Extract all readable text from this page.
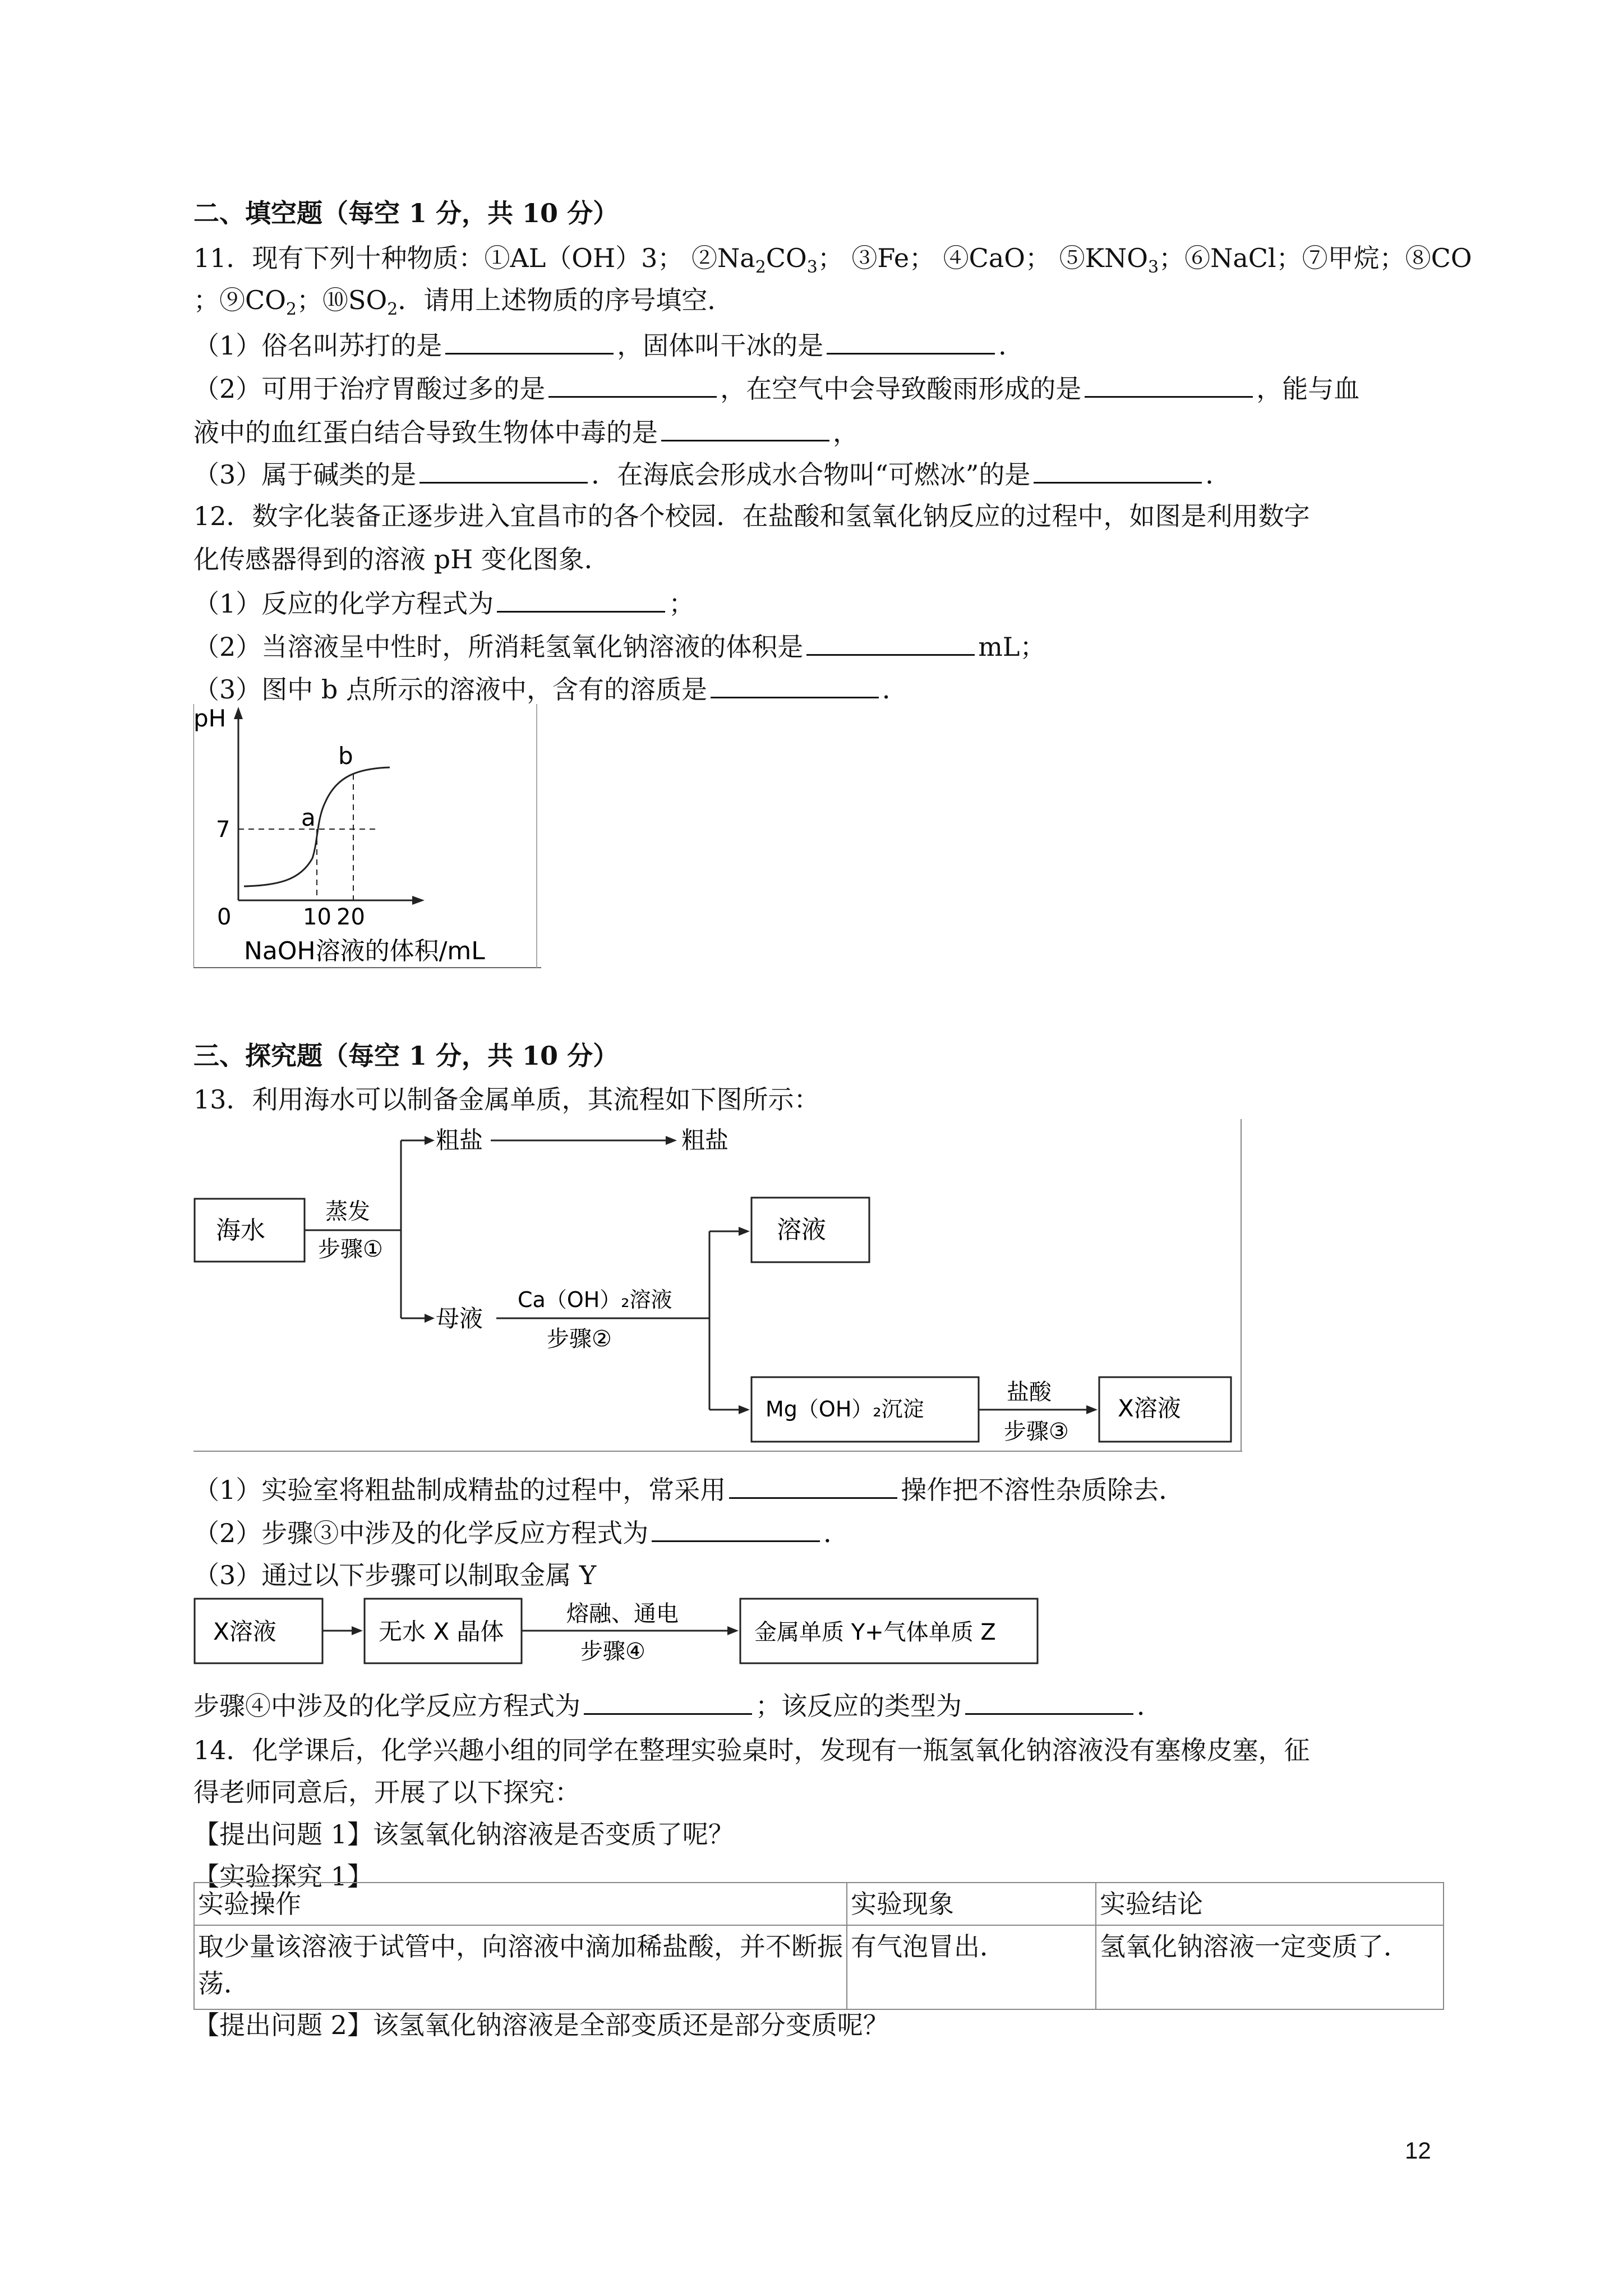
二、填空题（每空 1 分，共 10 分）
11．现有下列十种物质：①AL（OH）3； $②Na_2CO_3$； ③Fe； ④CaO； $⑤KNO_3$；⑥NaCl；⑦甲烷；⑧CO
；$⑨CO_2$；$⑩SO_2$．请用上述物质的序号填空．
（1）俗名叫苏打的是	，固体叫干冰的是	．
（2）可用于治疗胃酸过多的是	，在空气中会导致酸雨形成的是	，能与血
液中的血红蛋白结合导致生物体中毒的是	，
（3）属于碱类的是	．在海底会形成水合物叫“可燃冰”的是	．
12．数字化装备正逐步进入宜昌市的各个校园．在盐酸和氢氧化钠反应的过程中，如图是利用数字
化传感器得到的溶液 pH 变化图象．
（1）反应的化学方程式为	；
（2）当溶液呈中性时，所消耗氢氧化钠溶液的体积是	mL；
（3）图中 b 点所示的溶液中，含有的溶质是	．
pH
7
0	10 20
a
b
NaOH溶液的体积/mL
三、探究题（每空 1 分，共 10 分）
13．利用海水可以制备金属单质，其流程如下图所示：
海水
蒸发
步骤①
粗盐	粗盐
母液
Ca（OH）₂溶液
步骤②
溶液
Mg（OH）₂沉淀
盐酸
步骤③
X溶液
（1）实验室将粗盐制成精盐的过程中，常采用	操作把不溶性杂质除去．
（2）步骤③中涉及的化学反应方程式为	．
（3）通过以下步骤可以制取金属 Y
X溶液	无水 X 晶体
熔融、通电
步骤④
金属单质 Y+气体单质 Z
步骤④中涉及的化学反应方程式为	；该反应的类型为	．
14．化学课后，化学兴趣小组的同学在整理实验桌时，发现有一瓶氢氧化钠溶液没有塞橡皮塞，征
得老师同意后，开展了以下探究：
【提出问题 1】该氢氧化钠溶液是否变质了呢？
【实验探究 1】
实验操作	实验现象	实验结论
取少量该溶液于试管中，向溶液中滴加稀盐酸，并不断振荡．	有气泡冒出．	氢氧化钠溶液一定变质了．
【提出问题 2】该氢氧化钠溶液是全部变质还是部分变质呢？
12
